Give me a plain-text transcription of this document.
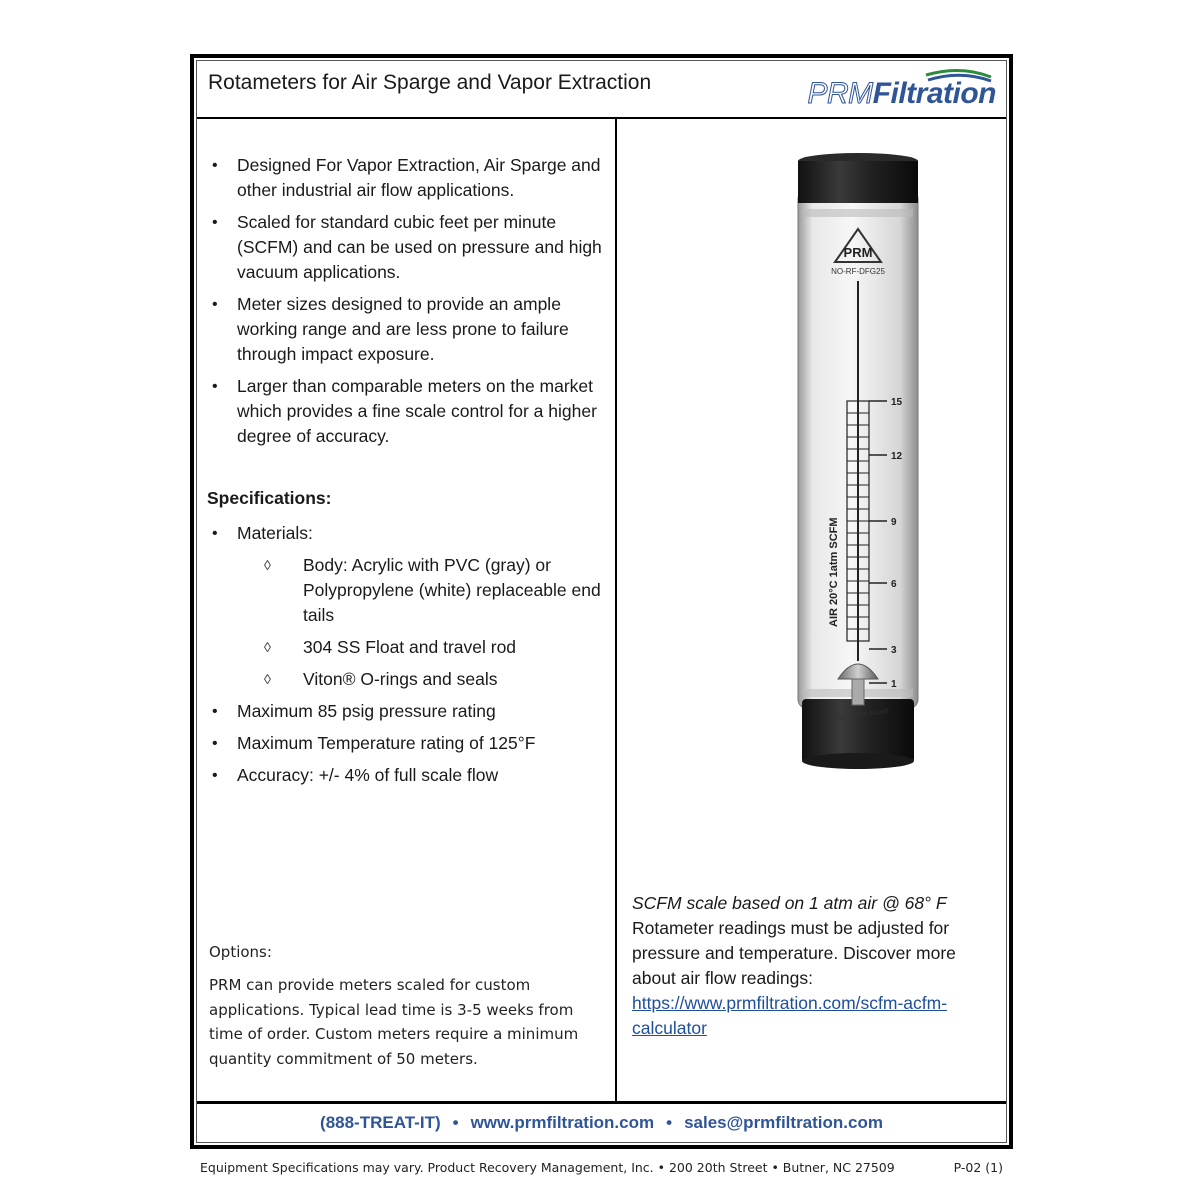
Rotameters for Air Sparge and Vapor Extraction	PRMFiltration
• Designed For Vapor Extraction, Air Sparge and other industrial air flow applications.
• Scaled for standard cubic feet per minute (SCFM) and can be used on pressure and high vacuum applications.
• Meter sizes designed to provide an ample working range and are less prone to failure through impact exposure.
• Larger than comparable meters on the market which provides a fine scale control for a higher degree of accuracy.
Specifications:
• Materials:
◊ Body: Acrylic with PVC (gray) or Polypropylene (white) replaceable end tails
◊ 304 SS Float and travel rod
◊ Viton® O-rings and seals
• Maximum 85 psig pressure rating
• Maximum Temperature rating of 125°F
• Accuracy: +/- 4% of full scale flow
Options:
PRM can provide meters scaled for custom applications. Typical lead time is 3-5 weeks from time of order. Custom meters require a minimum quantity commitment of 50 meters.
(888-TREAT-IT) • www.prmfiltration.com • sales@prmfiltration.com
PRM
NO-RF-DFG25
15
12
9
6
3
1
AIR 20°C 1atm SCFM
READ TOP OF FLOAT
SCFM scale based on 1 atm air @ 68° F
Rotameter readings must be adjusted for pressure and temperature. Discover more about air flow readings:
https://www.prmfiltration.com/scfm-acfm-calculator
Equipment Specifications may vary. Product Recovery Management, Inc. • 200 20th Street • Butner, NC 27509	P-02 (1)
